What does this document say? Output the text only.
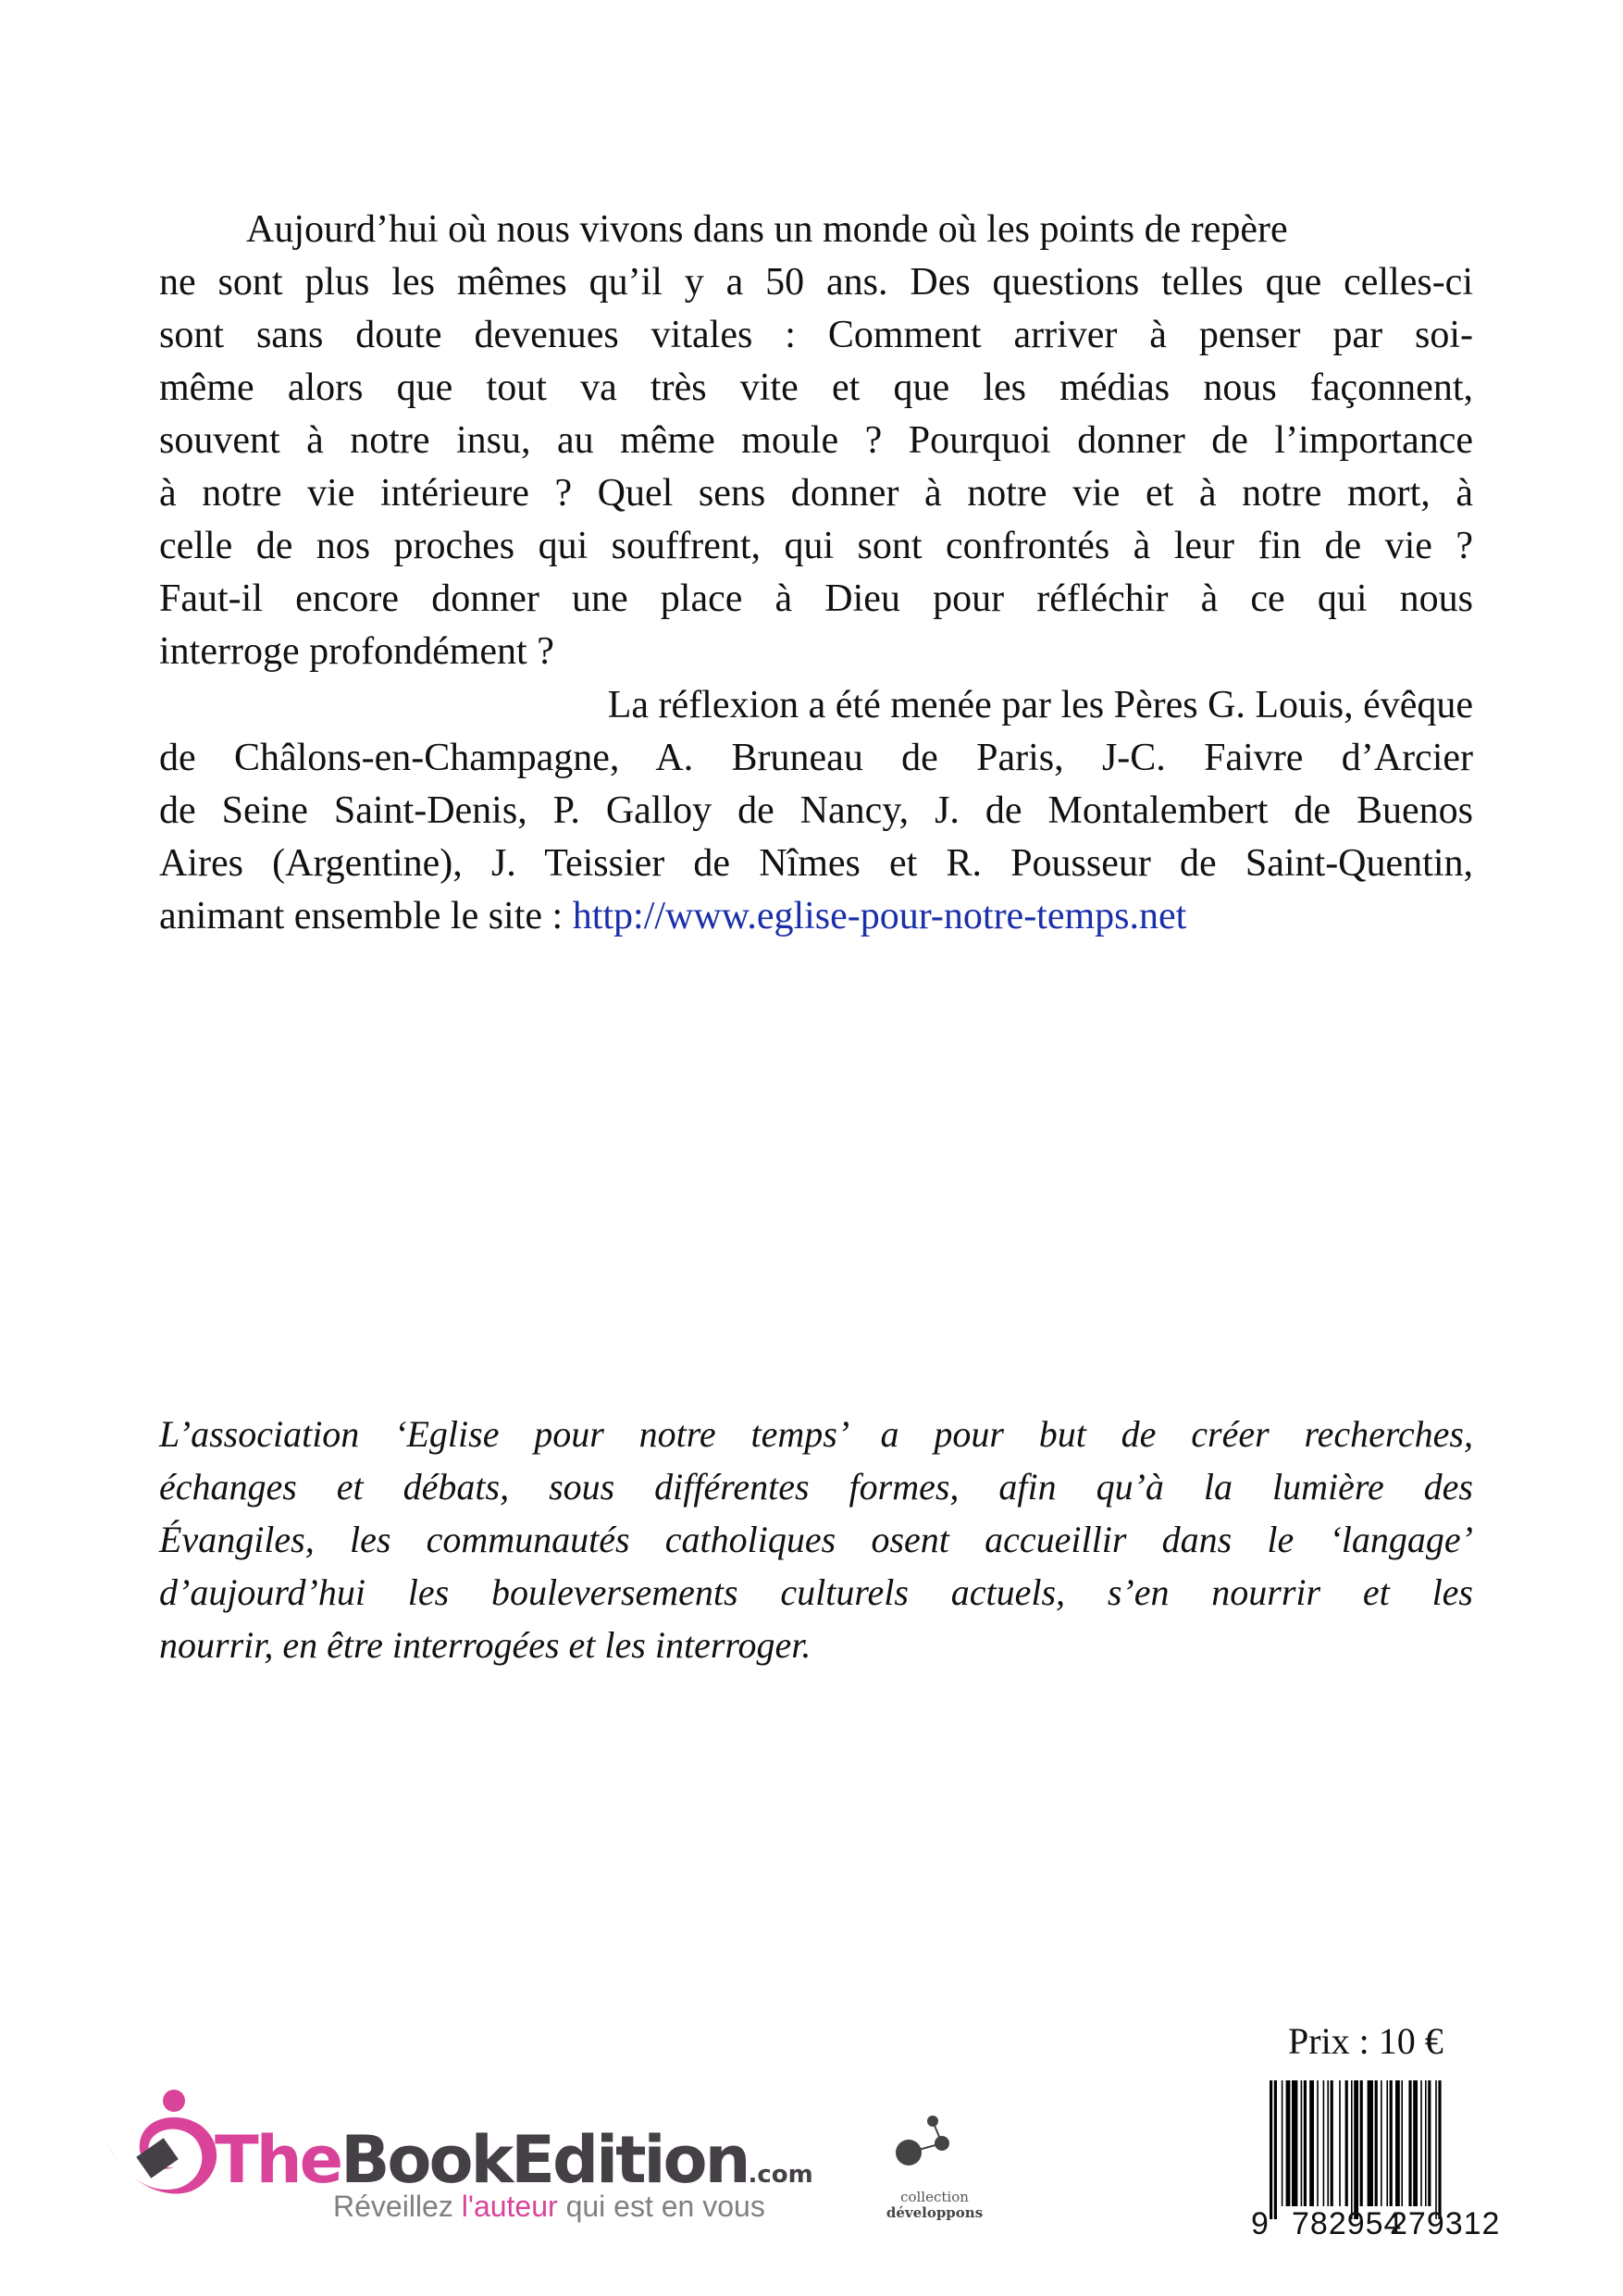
Aujourd’hui où nous vivons dans un monde où les points de repère
ne sont plus les mêmes qu’il y a 50 ans. Des questions telles que celles-ci
sont sans doute devenues vitales : Comment arriver à penser par soi-
même alors que tout va très vite et que les médias nous façonnent,
souvent à notre insu, au même moule ? Pourquoi donner de l’importance
à notre vie intérieure ? Quel sens donner à notre vie et à notre mort, à
celle de nos proches qui souffrent, qui sont confrontés à leur fin de vie ?
Faut-il encore donner une place à Dieu pour réfléchir à ce qui nous
interroge profondément ?
La réflexion a été menée par les Pères G. Louis, évêque
de Châlons-en-Champagne, A. Bruneau de Paris, J-C. Faivre d’Arcier
de Seine Saint-Denis, P. Galloy de Nancy, J. de Montalembert de Buenos
Aires (Argentine), J. Teissier de Nîmes et R. Pousseur de Saint-Quentin,
animant ensemble le site : http://www.eglise-pour-notre-temps.net
L’association ‘Eglise pour notre temps’ a pour but de créer recherches,
échanges et débats, sous différentes formes, afin qu’à la lumière des
Évangiles, les communautés catholiques osent accueillir dans le ‘langage’
d’aujourd’hui les bouleversements culturels actuels, s’en nourrir et les
nourrir, en être interrogées et les interroger.
Prix : 10 €
9 782954
279312
TheBookEdition.com
Réveillez l'auteur qui est en vous	collection
développons
